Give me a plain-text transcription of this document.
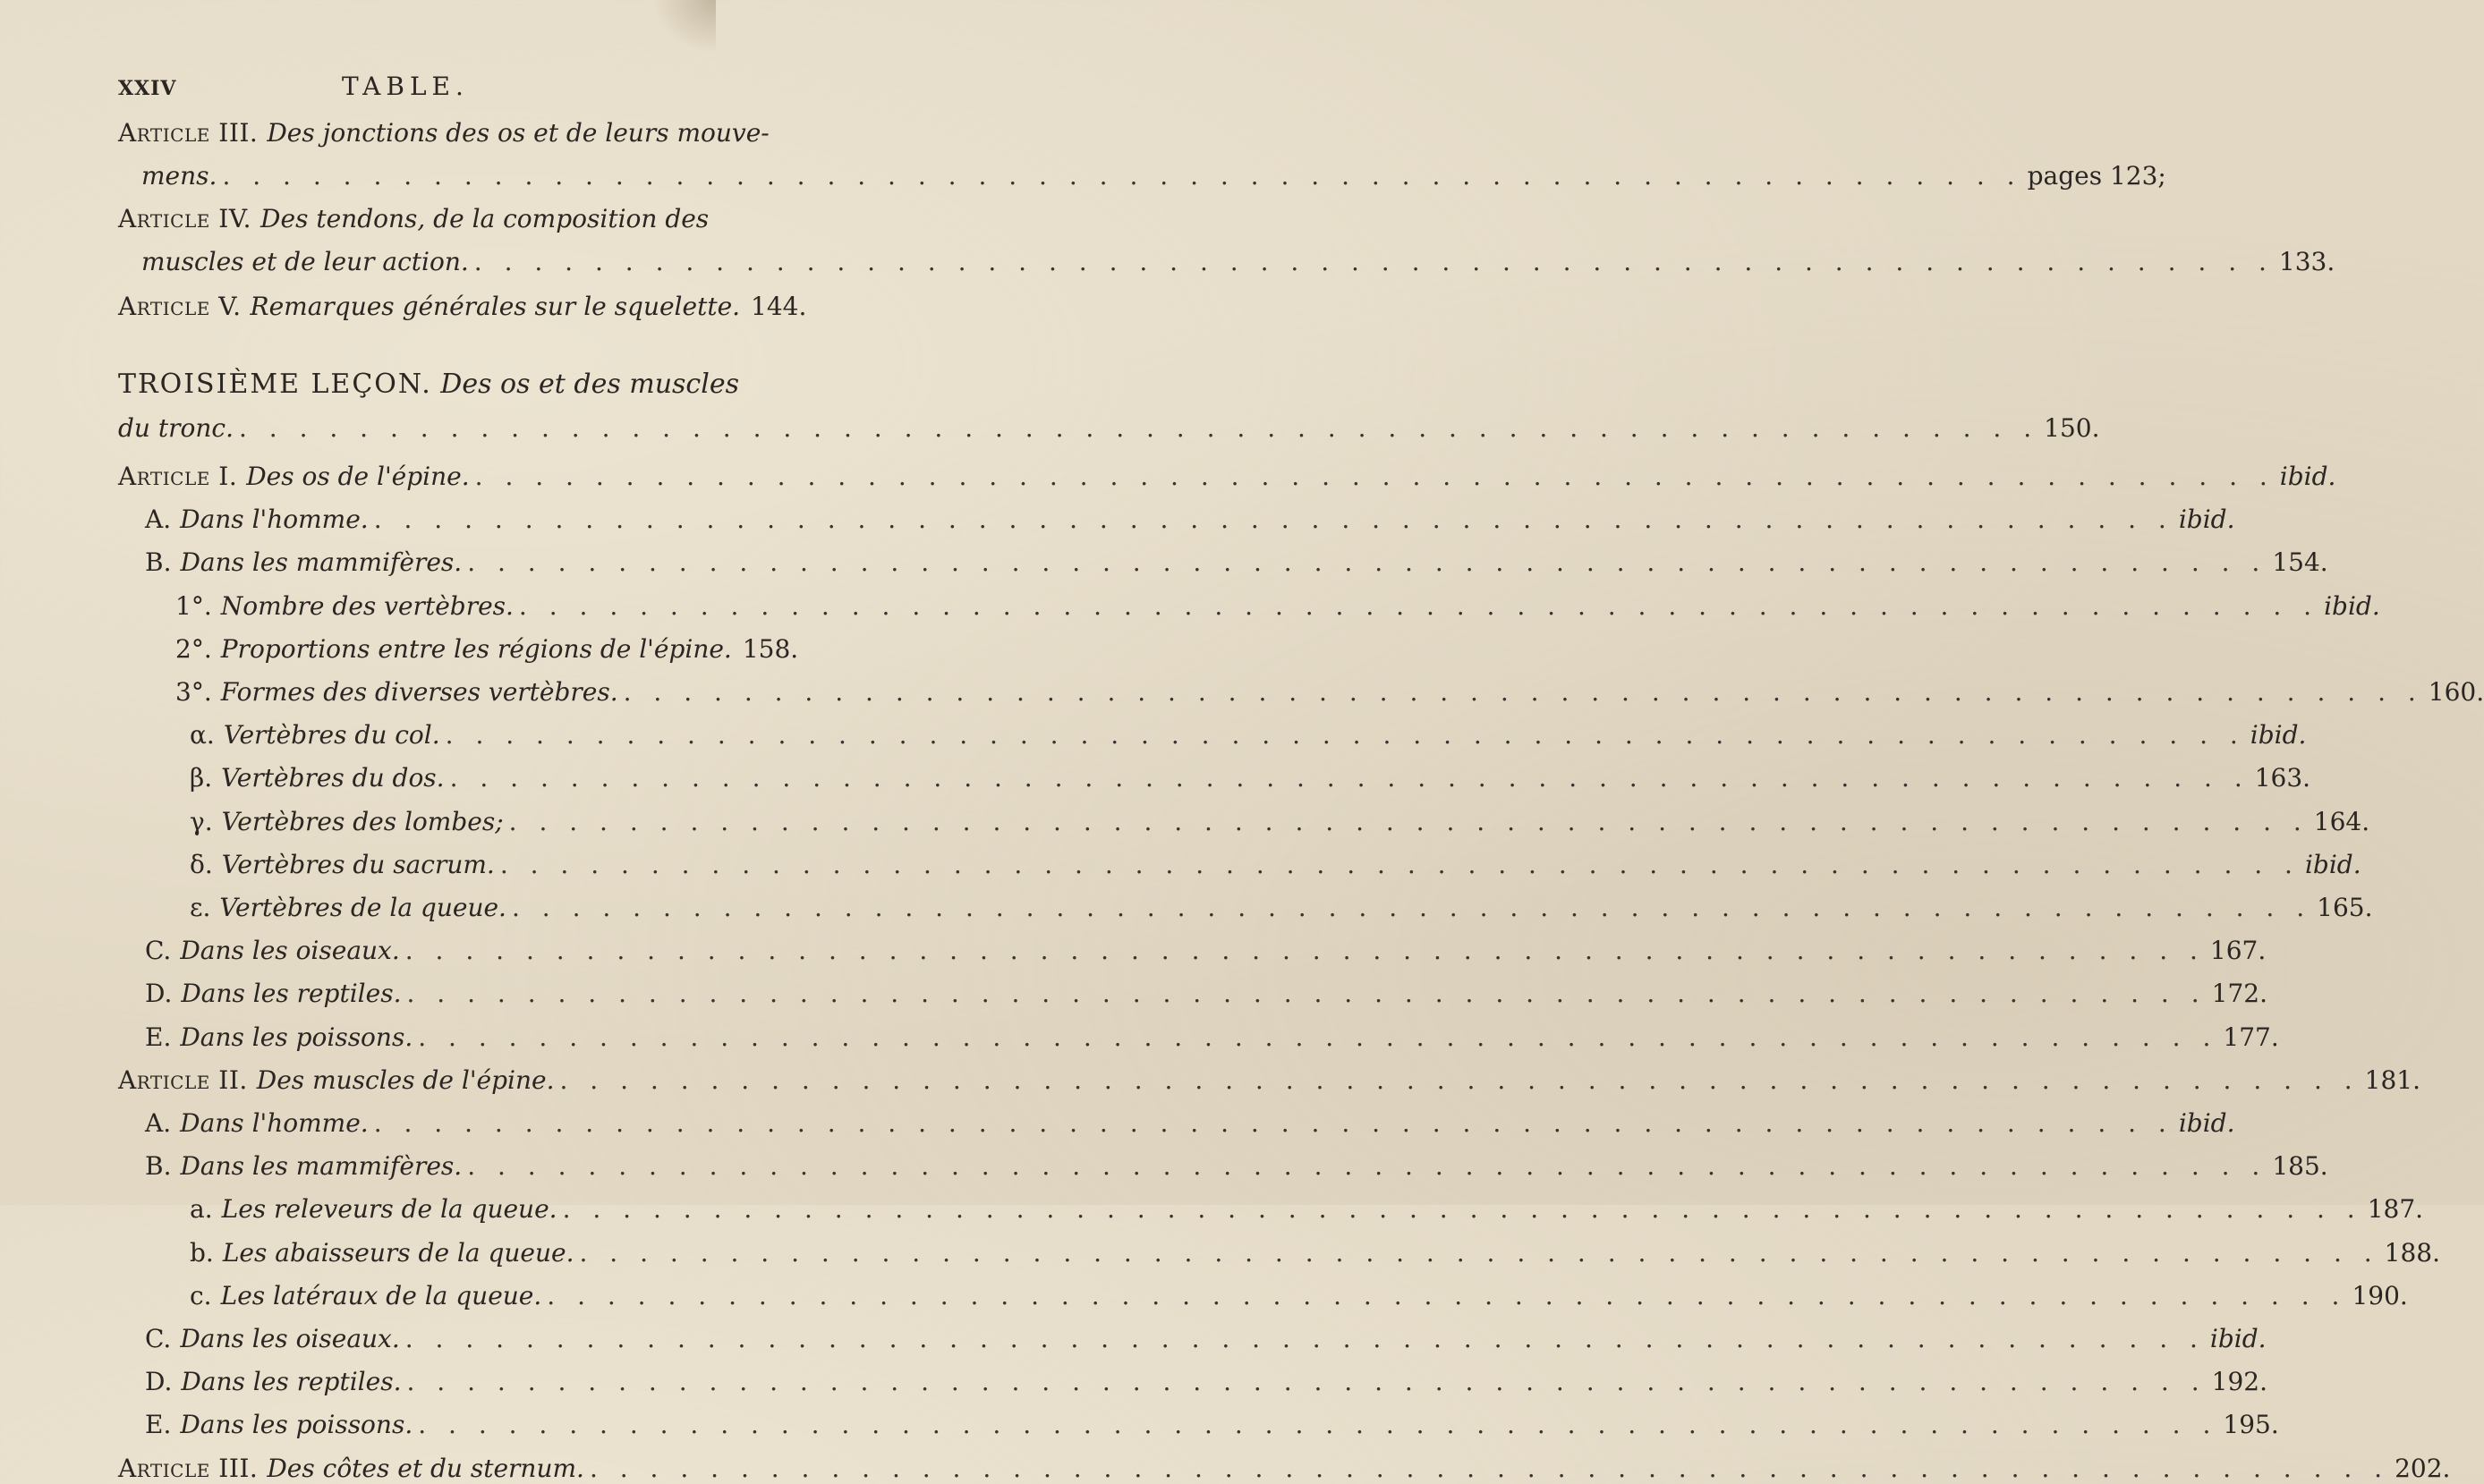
XXIV	TABLE.
Article III. Des jonctions des os et de leurs mouve-
mens. . . .	pages 123;
Article IV. Des tendons, de la composition des
muscles et de leur action. . . .	133.
Article V. Remarques générales sur le squelette. 144.
TROISIÈME LEÇON. Des os et des muscles
du tronc. . . .	150.
Article I. Des os de l'épine. . . .	ibid.
A. Dans l'homme. . . .	ibid.
B. Dans les mammifères. . . .	154.
1°. Nombre des vertèbres. . . .	ibid.
2°. Proportions entre les régions de l'épine. 158.
3°. Formes des diverses vertèbres. . . .	160.
α. Vertèbres du col. . . .	ibid.
β. Vertèbres du dos. . . .	163.
γ. Vertèbres des lombes; . . .	164.
δ. Vertèbres du sacrum. . . .	ibid.
ε. Vertèbres de la queue. . . .	165.
C. Dans les oiseaux. . . .	167.
D. Dans les reptiles. . . .	172.
E. Dans les poissons. . . .	177.
Article II. Des muscles de l'épine. . . .	181.
A. Dans l'homme. . . .	ibid.
B. Dans les mammifères. . . .	185.
a. Les releveurs de la queue. . . .	187.
b. Les abaisseurs de la queue. . . .	188.
c. Les latéraux de la queue. . . .	190.
C. Dans les oiseaux. . . .	ibid.
D. Dans les reptiles. . . .	192.
E. Dans les poissons. . . .	195.
Article III. Des côtes et du sternum. . . .	202.
